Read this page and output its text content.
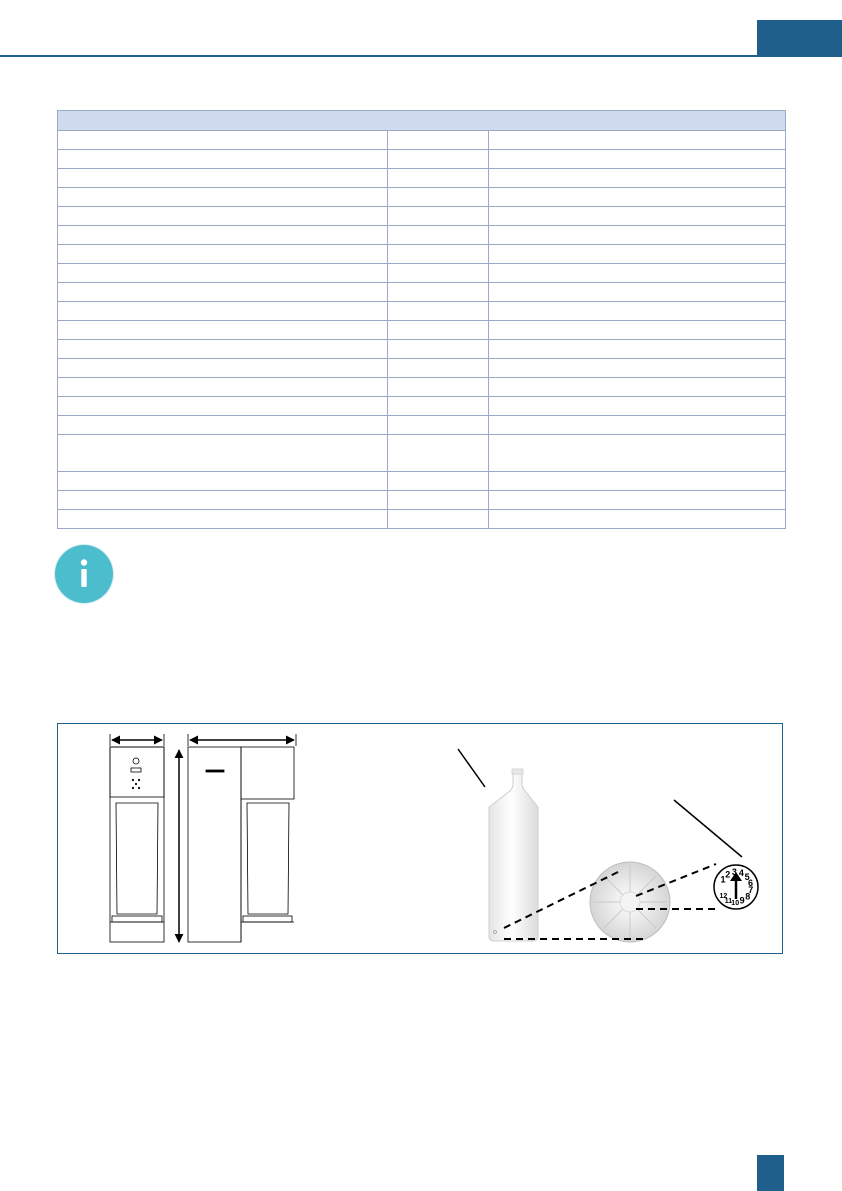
1
2 3 4 5
6
7
8
9
10
11
12
